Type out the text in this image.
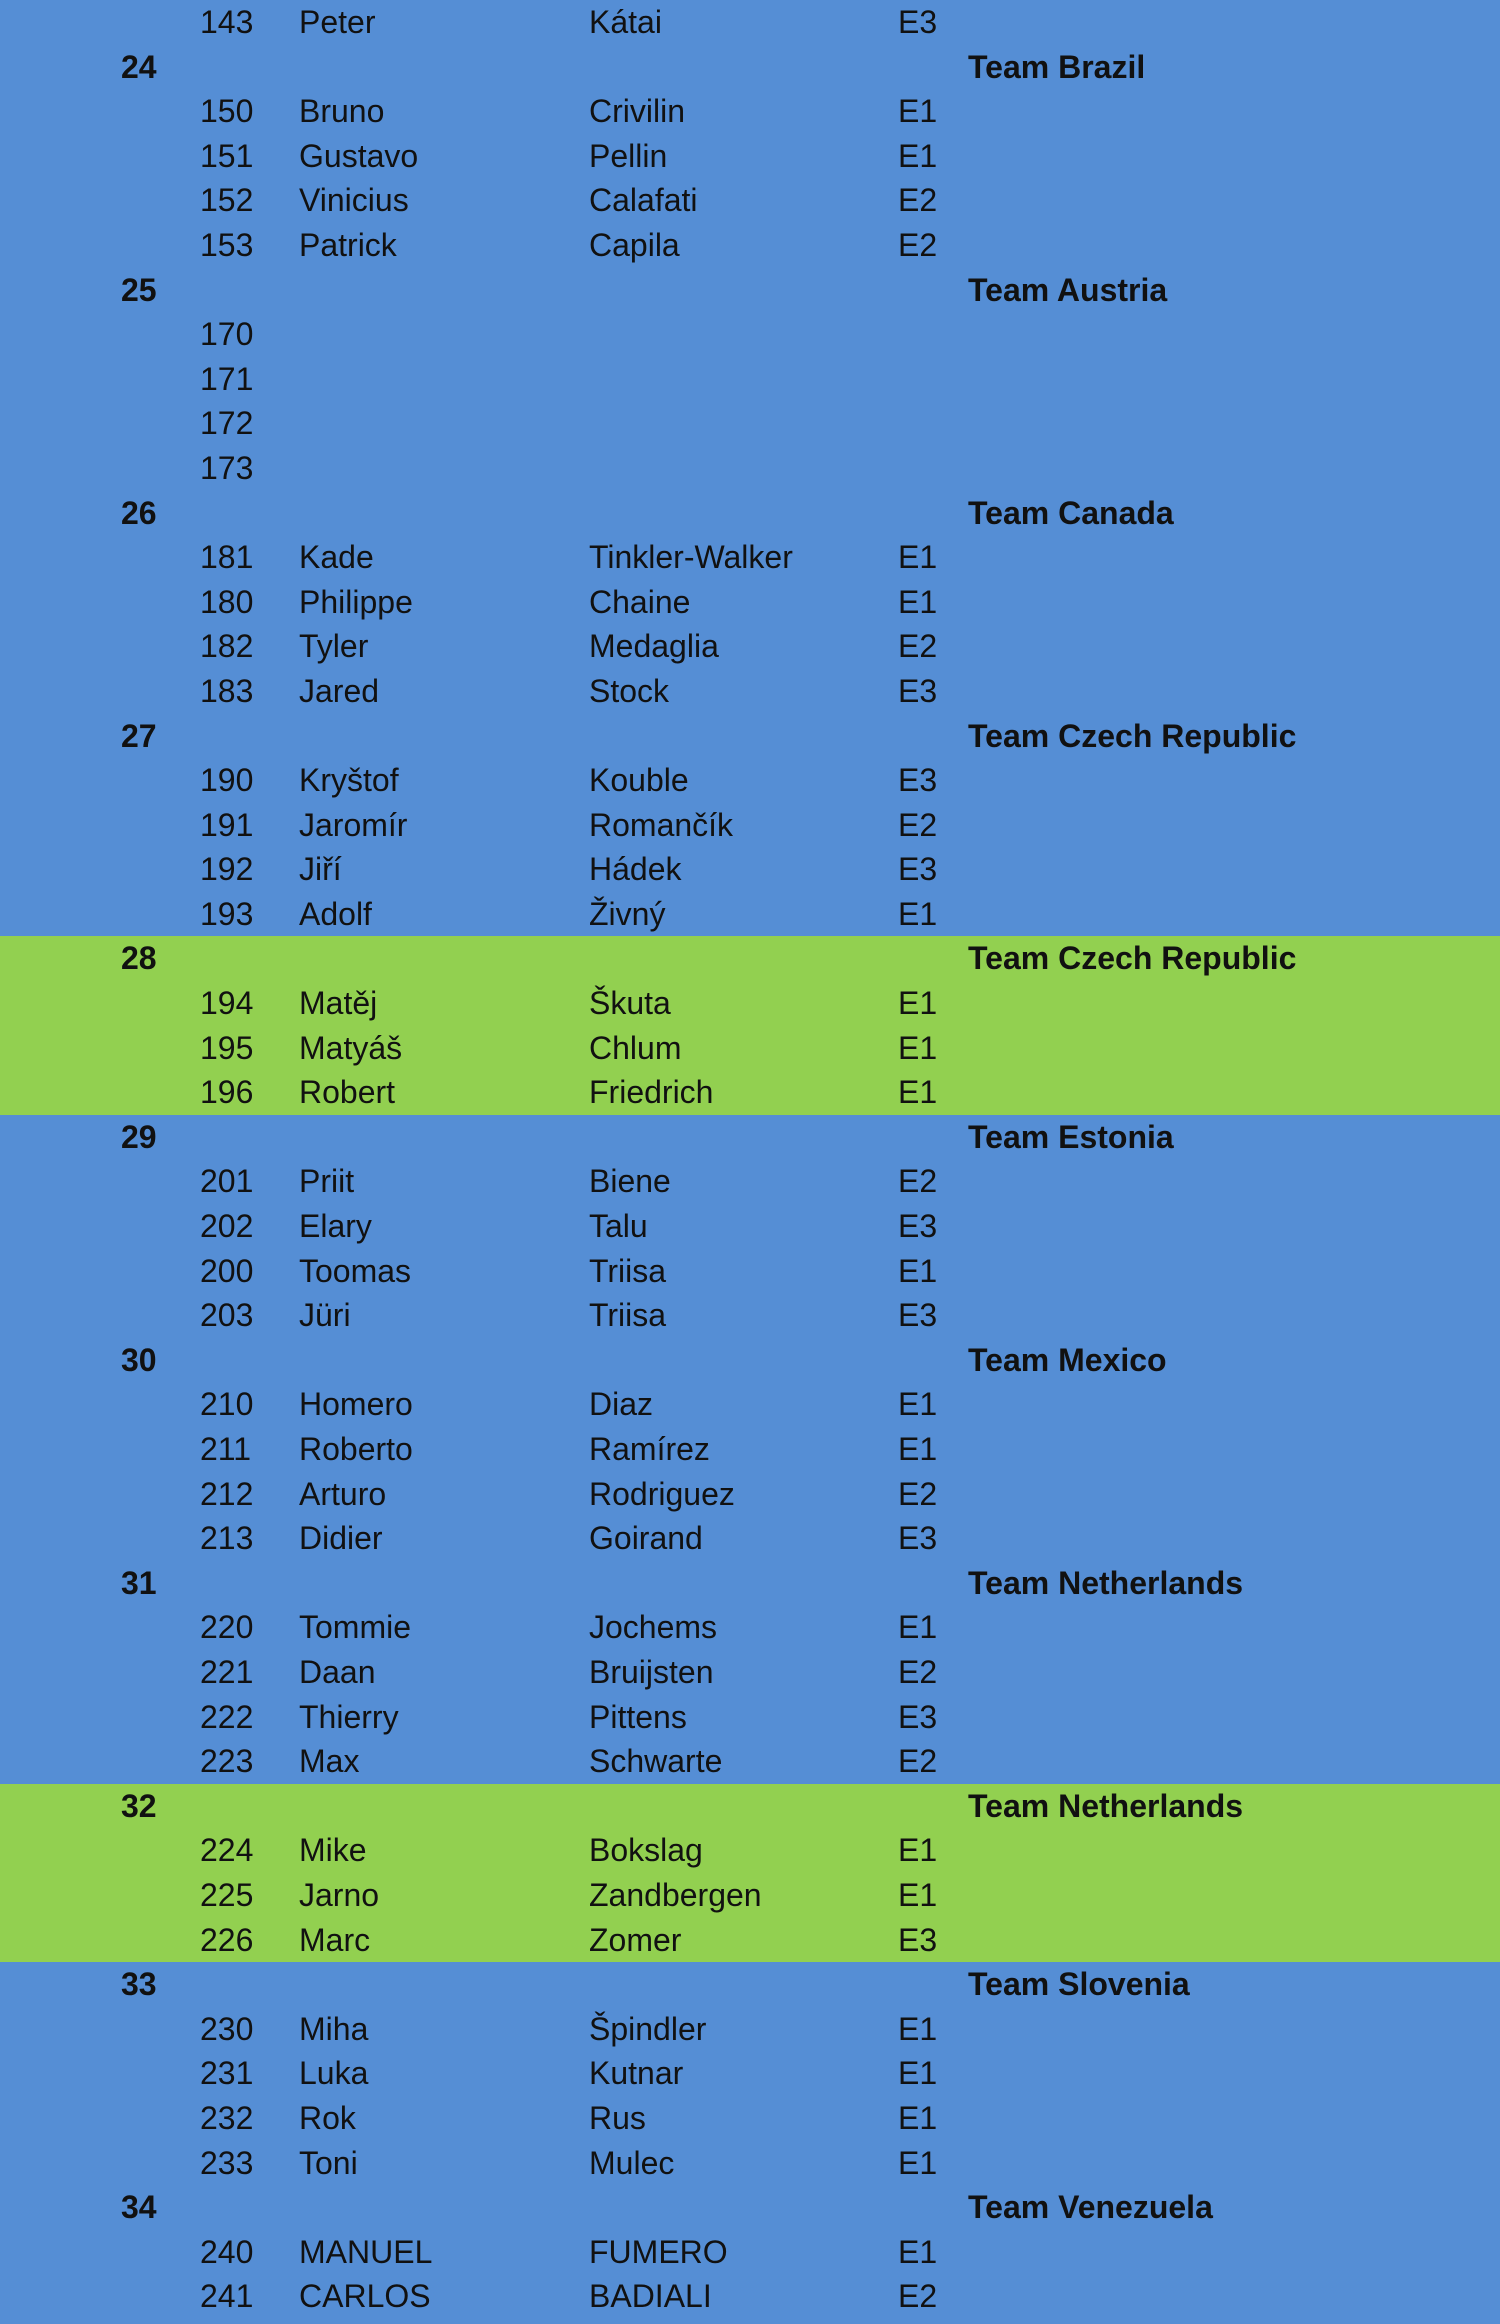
143 Peter	Kátai	E3
24	Team Brazil
150 Bruno	Crivilin	E1
151 Gustavo	Pellin	E1
152 Vinicius	Calafati	E2
153 Patrick	Capila	E2
25	Team Austria
170
171
172
173
26	Team Canada
181 Kade	Tinkler-Walker	E1
180 Philippe	Chaine	E1
182 Tyler	Medaglia	E2
183 Jared	Stock	E3
27	Team Czech Republic
190 Kryštof	Kouble	E3
191 Jaromír	Romančík	E2
192 Jiří	Hádek	E3
193 Adolf	Živný	E1
28	Team Czech Republic
194 Matěj	Škuta	E1
195 Matyáš	Chlum	E1
196 Robert	Friedrich	E1
29	Team Estonia
201 Priit	Biene	E2
202 Elary	Talu	E3
200 Toomas	Triisa	E1
203 Jüri	Triisa	E3
30	Team Mexico
210 Homero	Diaz	E1
211 Roberto	Ramírez	E1
212 Arturo	Rodriguez	E2
213 Didier	Goirand	E3
31	Team Netherlands
220 Tommie	Jochems	E1
221 Daan	Bruijsten	E2
222 Thierry	Pittens	E3
223 Max	Schwarte	E2
32	Team Netherlands
224 Mike	Bokslag	E1
225 Jarno	Zandbergen	E1
226 Marc	Zomer	E3
33	Team Slovenia
230 Miha	Špindler	E1
231 Luka	Kutnar	E1
232 Rok	Rus	E1
233 Toni	Mulec	E1
34	Team Venezuela
240 MANUEL	FUMERO	E1
241 CARLOS	BADIALI	E2
